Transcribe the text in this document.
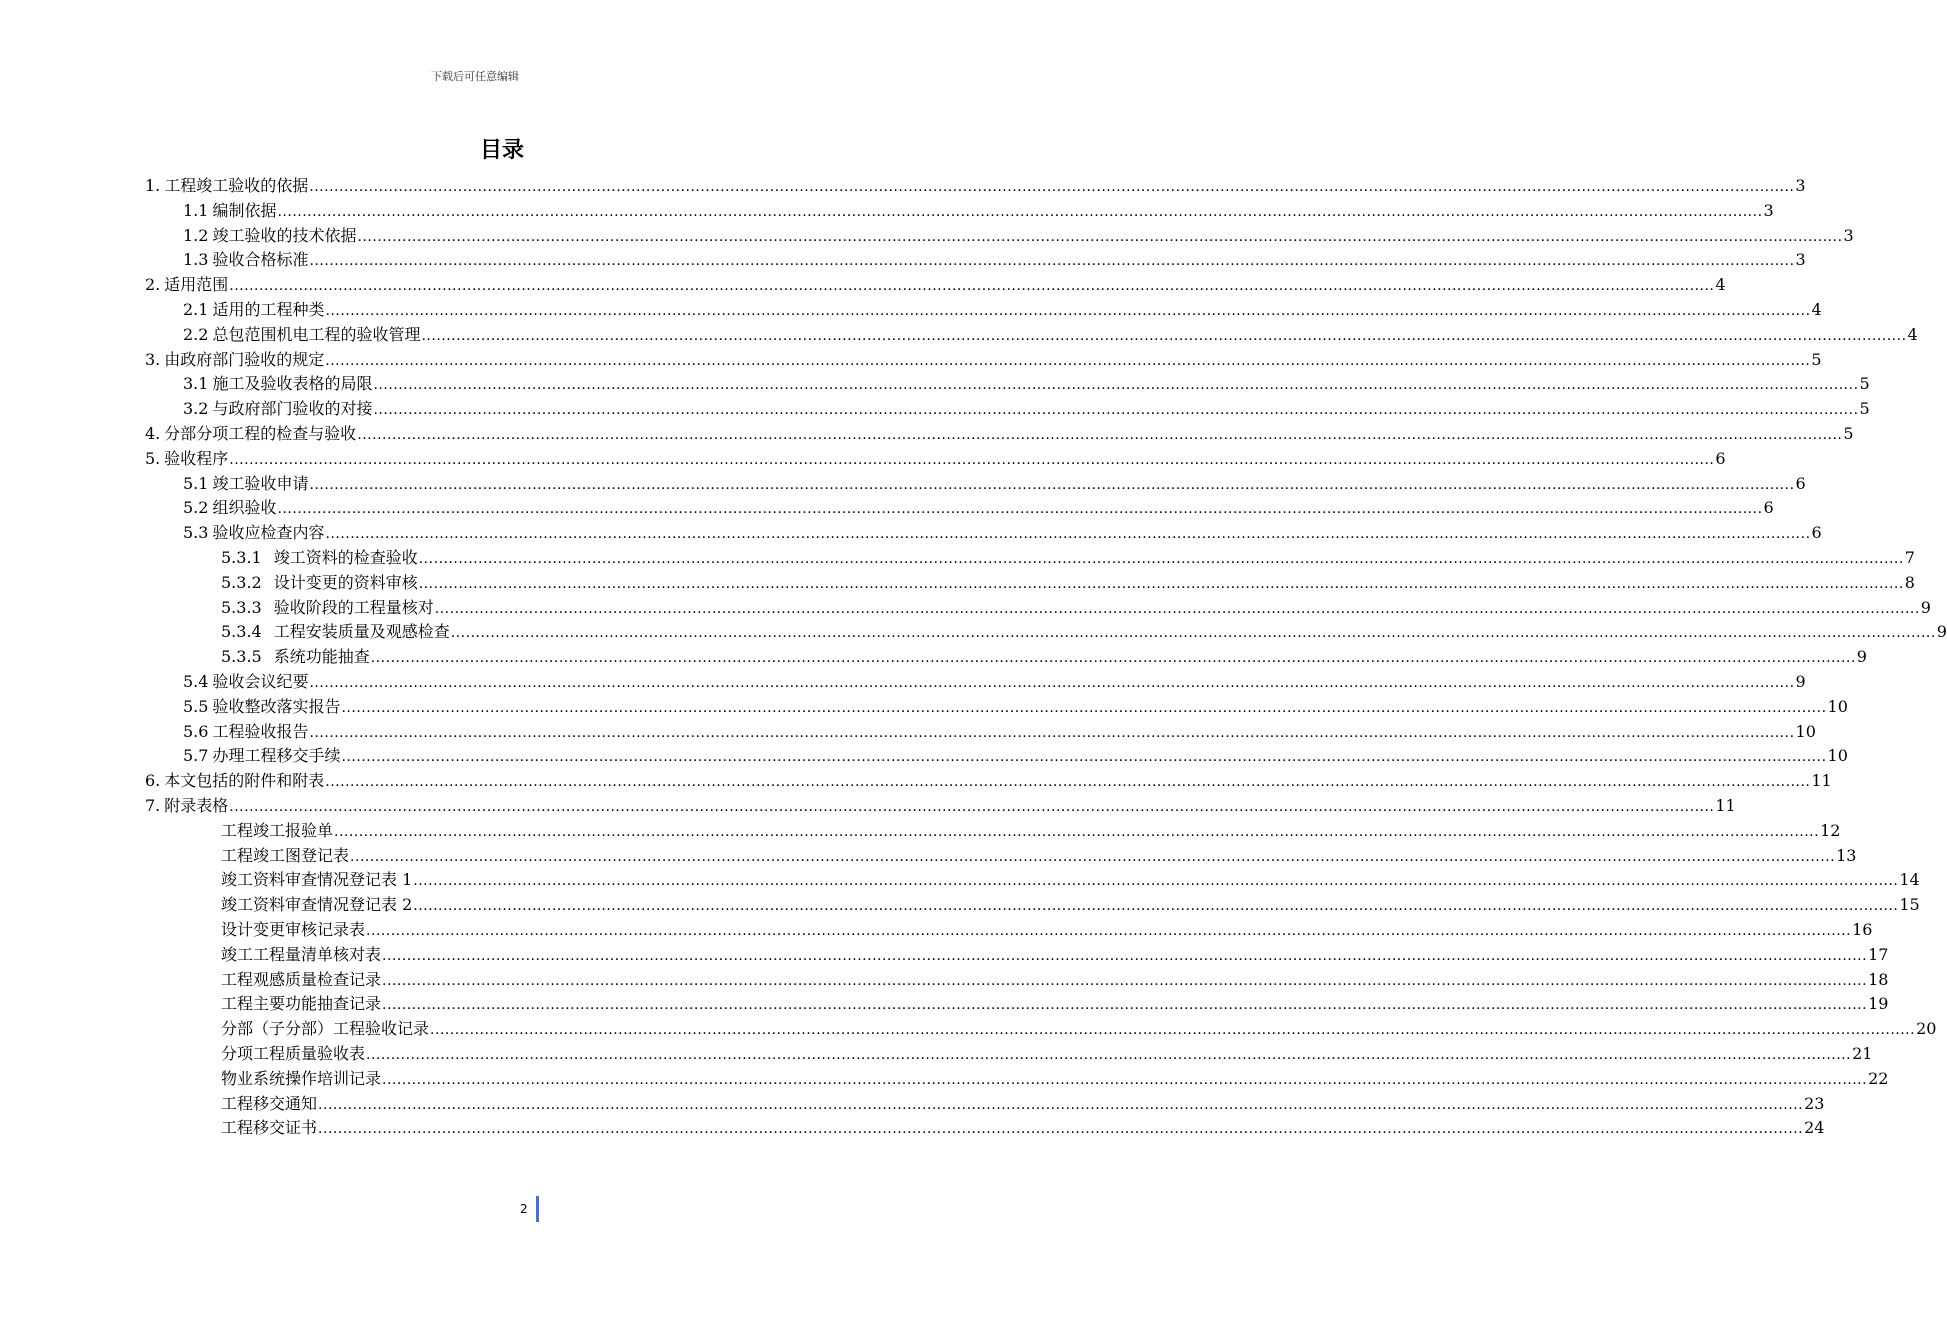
下载后可任意编辑
目录
1. 工程竣工验收的依据 ............................................................................................................................................................................................................................................................................................................ 3
1.1 编制依据 ............................................................................................................................................................................................................................................................................................................ 3
1.2 竣工验收的技术依据 ............................................................................................................................................................................................................................................................................................................ 3
1.3 验收合格标准 ............................................................................................................................................................................................................................................................................................................ 3
2. 适用范围 ............................................................................................................................................................................................................................................................................................................ 4
2.1 适用的工程种类 ............................................................................................................................................................................................................................................................................................................ 4
2.2 总包范围机电工程的验收管理 ............................................................................................................................................................................................................................................................................................................ 4
3. 由政府部门验收的规定 ............................................................................................................................................................................................................................................................................................................ 5
3.1 施工及验收表格的局限 ............................................................................................................................................................................................................................................................................................................ 5
3.2 与政府部门验收的对接 ............................................................................................................................................................................................................................................................................................................ 5
4. 分部分项工程的检查与验收 ............................................................................................................................................................................................................................................................................................................ 5
5. 验收程序 ............................................................................................................................................................................................................................................................................................................ 6
5.1 竣工验收申请 ............................................................................................................................................................................................................................................................................................................ 6
5.2 组织验收 ............................................................................................................................................................................................................................................................................................................ 6
5.3 验收应检查内容 ............................................................................................................................................................................................................................................................................................................ 6
5.3.1 竣工资料的检查验收 ............................................................................................................................................................................................................................................................................................................ 7
5.3.2 设计变更的资料审核 ............................................................................................................................................................................................................................................................................................................ 8
5.3.3 验收阶段的工程量核对 ............................................................................................................................................................................................................................................................................................................ 9
5.3.4 工程安装质量及观感检查 ............................................................................................................................................................................................................................................................................................................ 9
5.3.5 系统功能抽查 ............................................................................................................................................................................................................................................................................................................ 9
5.4 验收会议纪要 ............................................................................................................................................................................................................................................................................................................ 9
5.5 验收整改落实报告 ............................................................................................................................................................................................................................................................................................................ 10
5.6 工程验收报告 ............................................................................................................................................................................................................................................................................................................ 10
5.7 办理工程移交手续 ............................................................................................................................................................................................................................................................................................................ 10
6. 本文包括的附件和附表 ............................................................................................................................................................................................................................................................................................................ 11
7. 附录表格 ............................................................................................................................................................................................................................................................................................................ 11
工程竣工报验单 ............................................................................................................................................................................................................................................................................................................ 12
工程竣工图登记表 ............................................................................................................................................................................................................................................................................................................ 13
竣工资料审查情况登记表 1 ............................................................................................................................................................................................................................................................................................................ 14
竣工资料审查情况登记表 2 ............................................................................................................................................................................................................................................................................................................ 15
设计变更审核记录表 ............................................................................................................................................................................................................................................................................................................ 16
竣工工程量清单核对表 ............................................................................................................................................................................................................................................................................................................ 17
工程观感质量检查记录 ............................................................................................................................................................................................................................................................................................................ 18
工程主要功能抽查记录 ............................................................................................................................................................................................................................................................................................................ 19
分部（子分部）工程验收记录 ............................................................................................................................................................................................................................................................................................................ 20
分项工程质量验收表 ............................................................................................................................................................................................................................................................................................................ 21
物业系统操作培训记录 ............................................................................................................................................................................................................................................................................................................ 22
工程移交通知 ............................................................................................................................................................................................................................................................................................................ 23
工程移交证书 ............................................................................................................................................................................................................................................................................................................ 24
2
